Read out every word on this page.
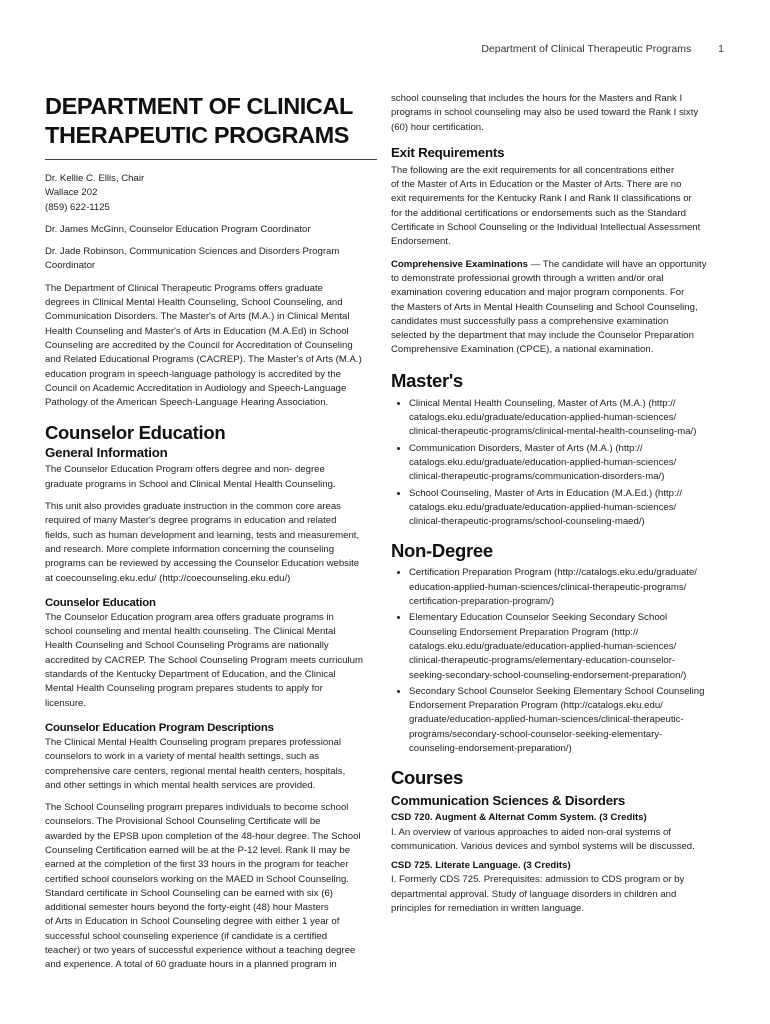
Department of Clinical Therapeutic Programs	1
DEPARTMENT OF CLINICAL
THERAPEUTIC PROGRAMS

Dr. Kellie C. Ellis, Chair
Wallace 202
(859) 622-1125

Dr. James McGinn, Counselor Education Program Coordinator

Dr. Jade Robinson, Communication Sciences and Disorders Program
Coordinator

The Department of Clinical Therapeutic Programs offers graduate
degrees in Clinical Mental Health Counseling, School Counseling, and
Communication Disorders. The Master's of Arts (M.A.) in Clinical Mental
Health Counseling and Master's of Arts in Education (M.A.Ed) in School
Counseling are accredited by the Council for Accreditation of Counseling
and Related Educational Programs (CACREP). The Master's of Arts (M.A.)
education program in speech-language pathology is accredited by the
Council on Academic Accreditation in Audiology and Speech-Language
Pathology of the American Speech-Language Hearing Association.

Counselor Education
General Information

The Counselor Education Program offers degree and non- degree
graduate programs in School and Clinical Mental Health Counseling.

This unit also provides graduate instruction in the common core areas
required of many Master's degree programs in education and related
fields, such as human development and learning, tests and measurement,
and research. More complete information concerning the counseling
programs can be reviewed by accessing the Counselor Education website
at coecounseling.eku.edu/ (http://coecounseling.eku.edu/)

Counselor Education

The Counselor Education program area offers graduate programs in
school counseling and mental health counseling. The Clinical Mental
Health Counseling and School Counseling Programs are nationally
accredited by CACREP. The School Counseling Program meets curriculum
standards of the Kentucky Department of Education, and the Clinical
Mental Health Counseling program prepares students to apply for
licensure.

Counselor Education Program Descriptions

The Clinical Mental Health Counseling program prepares professional
counselors to work in a variety of mental health settings, such as
comprehensive care centers, regional mental health centers, hospitals,
and other settings in which mental health services are provided.

The School Counseling program prepares individuals to become school
counselors. The Provisional School Counseling Certificate will be
awarded by the EPSB upon completion of the 48-hour degree. The School
Counseling Certification earned will be at the P-12 level. Rank II may be
earned at the completion of the first 33 hours in the program for teacher
certified school counselors working on the MAED in School Counseling.
Standard certificate in School Counseling can be earned with six (6)
additional semester hours beyond the forty-eight (48) hour Masters
of Arts in Education in School Counseling degree with either 1 year of
successful school counseling experience (if candidate is a certified
teacher) or two years of successful experience without a teaching degree
and experience. A total of 60 graduate hours in a planned program in

school counseling that includes the hours for the Masters and Rank I
programs in school counseling may also be used toward the Rank I sixty
(60) hour certification.

Exit Requirements

The following are the exit requirements for all concentrations either
of the Master of Arts in Education or the Master of Arts. There are no
exit requirements for the Kentucky Rank I and Rank II classifications or
for the additional certifications or endorsements such as the Standard
Certificate in School Counseling or the Individual Intellectual Assessment
Endorsement.

Comprehensive Examinations — The candidate will have an opportunity
to demonstrate professional growth through a written and/or oral
examination covering education and major program components. For
the Masters of Arts in Mental Health Counseling and School Counseling,
candidates must successfully pass a comprehensive examination
selected by the department that may include the Counselor Preparation
Comprehensive Examination (CPCE), a national examination.

Master's
• Clinical Mental Health Counseling, Master of Arts (M.A.) (http://
catalogs.eku.edu/graduate/education-applied-human-sciences/
clinical-therapeutic-programs/clinical-mental-health-counseling-ma/)
• Communication Disorders, Master of Arts (M.A.) (http://
catalogs.eku.edu/graduate/education-applied-human-sciences/
clinical-therapeutic-programs/communication-disorders-ma/)
• School Counseling, Master of Arts in Education (M.A.Ed.) (http://
catalogs.eku.edu/graduate/education-applied-human-sciences/
clinical-therapeutic-programs/school-counseling-maed/)
Non-Degree
• Certification Preparation Program (http://catalogs.eku.edu/graduate/
education-applied-human-sciences/clinical-therapeutic-programs/
certification-preparation-program/)
• Elementary Education Counselor Seeking Secondary School
Counseling Endorsement Preparation Program (http://
catalogs.eku.edu/graduate/education-applied-human-sciences/
clinical-therapeutic-programs/elementary-education-counselor-
seeking-secondary-school-counseling-endorsement-preparation/)
• Secondary School Counselor Seeking Elementary School Counseling
Endorsement Preparation Program (http://catalogs.eku.edu/
graduate/education-applied-human-sciences/clinical-therapeutic-
programs/secondary-school-counselor-seeking-elementary-
counseling-endorsement-preparation/)
Courses
Communication Sciences & Disorders

CSD 720. Augment & Alternat Comm System. (3 Credits)

I. An overview of various approaches to aided non-oral systems of
communication. Various devices and symbol systems will be discussed.

CSD 725. Literate Language. (3 Credits)

I. Formerly CDS 725. Prerequisites: admission to CDS program or by
departmental approval. Study of language disorders in children and
principles for remediation in written language.
